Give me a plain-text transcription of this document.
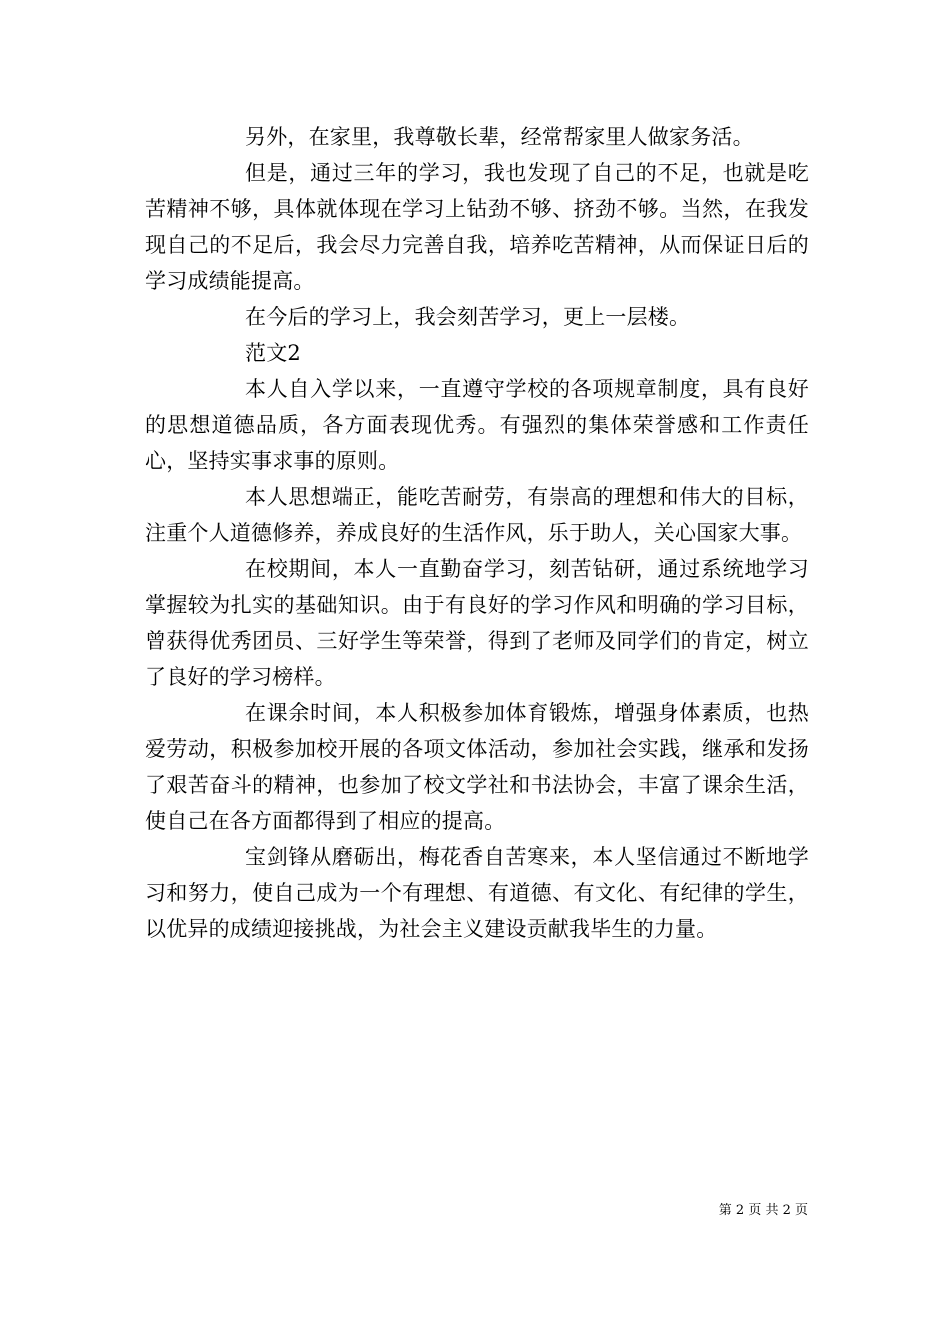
另外，在家里，我尊敬长辈，经常帮家里人做家务活。

但是，通过三年的学习，我也发现了自己的不足，也就是吃苦精神不够，具体就体现在学习上钻劲不够、挤劲不够。当然，在我发现自己的不足后，我会尽力完善自我，培养吃苦精神，从而保证日后的学习成绩能提高。

在今后的学习上，我会刻苦学习，更上一层楼。

范文2

本人自入学以来，一直遵守学校的各项规章制度，具有良好的思想道德品质，各方面表现优秀。有强烈的集体荣誉感和工作责任心，坚持实事求事的原则。

本人思想端正，能吃苦耐劳，有崇高的理想和伟大的目标，注重个人道德修养，养成良好的生活作风，乐于助人，关心国家大事。

在校期间，本人一直勤奋学习，刻苦钻研，通过系统地学习掌握较为扎实的基础知识。由于有良好的学习作风和明确的学习目标，曾获得优秀团员、三好学生等荣誉，得到了老师及同学们的肯定，树立了良好的学习榜样。

在课余时间，本人积极参加体育锻炼，增强身体素质，也热爱劳动，积极参加校开展的各项文体活动，参加社会实践，继承和发扬了艰苦奋斗的精神，也参加了校文学社和书法协会，丰富了课余生活，使自己在各方面都得到了相应的提高。

宝剑锋从磨砺出，梅花香自苦寒来，本人坚信通过不断地学习和努力，使自己成为一个有理想、有道德、有文化、有纪律的学生，以优异的成绩迎接挑战，为社会主义建设贡献我毕生的力量。

第 2 页 共 2 页
